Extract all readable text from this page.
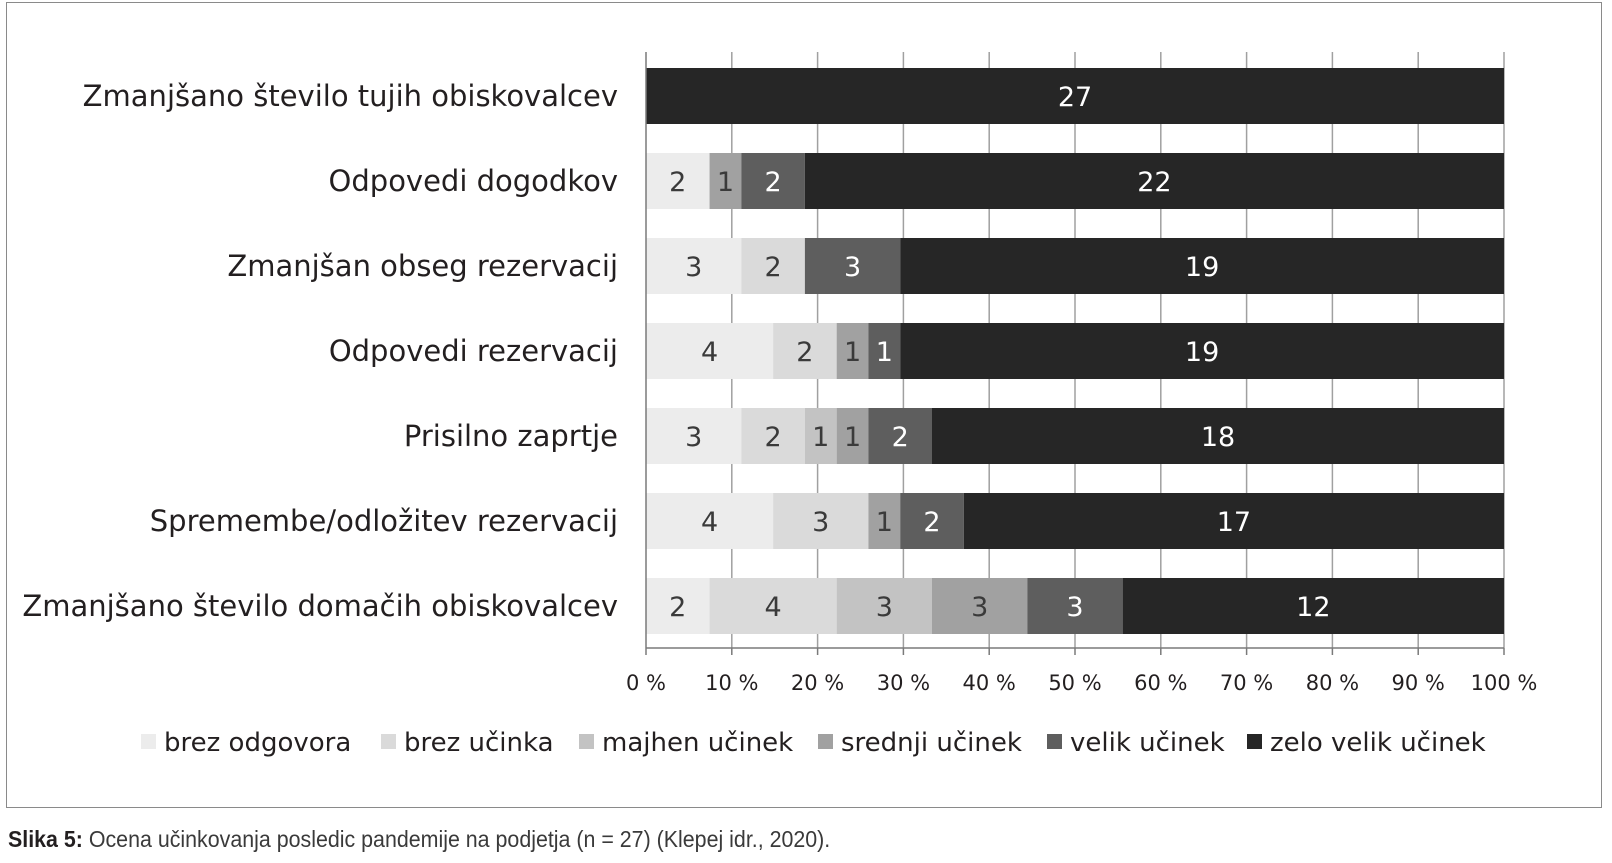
27
2 1 2	22
3 2 3	19
4	2 1 1	19
3 2 1 1 2	18
4	3 1 2	17
2	4	3	3	3	12
Zmanjšano število tujih obiskovalcev
Odpovedi dogodkov
Zmanjšan obseg rezervacij
Odpovedi rezervacij
Prisilno zaprtje
Spremembe/odložitev rezervacij
Zmanjšano število domačih obiskovalcev
0 % 10 % 20 % 30 % 40 % 50 % 60 % 70 % 80 % 90 % 100 %
brez odgovora brez učinka majhen učinek srednji učinek velik učinek zelo velik učinek
Slika 5: Ocena učinkovanja posledic pandemije na podjetja (n = 27) (Klepej idr., 2020).
